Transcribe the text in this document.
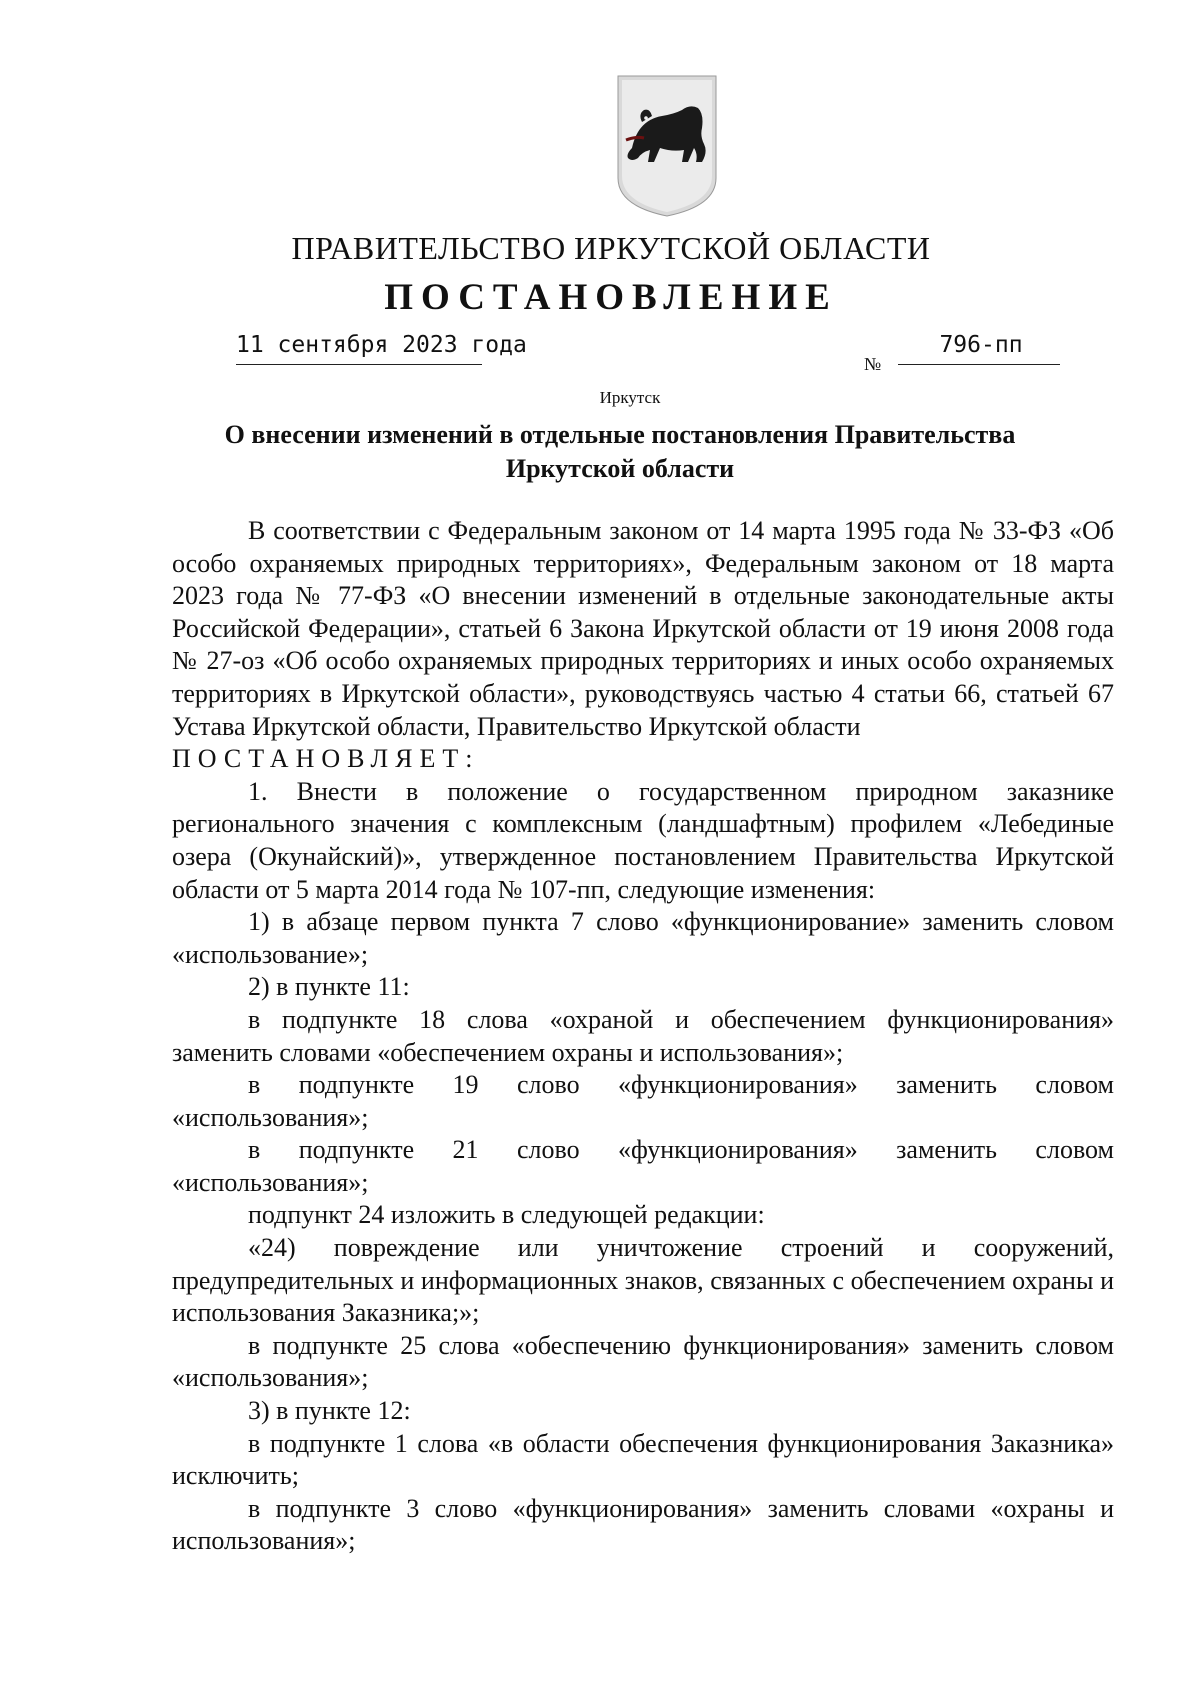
ПРАВИТЕЛЬСТВО ИРКУТСКОЙ ОБЛАСТИ
ПОСТАНОВЛЕНИЕ
11 сентября 2023 года
№
796-пп
Иркутск
О внесении изменений в отдельные постановления Правительства
Иркутской области

В соответствии с Федеральным законом от 14 марта 1995 года № 33-ФЗ «Об особо охраняемых природных территориях», Федеральным законом от 18 марта 2023 года № 77-ФЗ «О внесении изменений в отдельные законодательные акты Российской Федерации», статьей 6 Закона Иркутской области от 19 июня 2008 года № 27-оз «Об особо охраняемых природных территориях и иных особо охраняемых территориях в Иркутской области», руководствуясь частью 4 статьи 66, статьей 67 Устава Иркутской области, Правительство Иркутской области

ПОСТАНОВЛЯЕТ:

1. Внести в положение о государственном природном заказнике регионального значения с комплексным (ландшафтным) профилем «Лебединые озера (Окунайский)», утвержденное постановлением Правительства Иркутской области от 5 марта 2014 года № 107-пп, следующие изменения:

1) в абзаце первом пункта 7 слово «функционирование» заменить словом «использование»;

2) в пункте 11:

в подпункте 18 слова «охраной и обеспечением функционирования» заменить словами «обеспечением охраны и использования»;

в подпункте 19 слово «функционирования» заменить словом «использования»;

в подпункте 21 слово «функционирования» заменить словом «использования»;

подпункт 24 изложить в следующей редакции:

«24) повреждение или уничтожение строений и сооружений, предупредительных и информационных знаков, связанных с обеспечением охраны и использования Заказника;»;

в подпункте 25 слова «обеспечению функционирования» заменить словом «использования»;

3) в пункте 12:

в подпункте 1 слова «в области обеспечения функционирования Заказника» исключить;

в подпункте 3 слово «функционирования» заменить словами «охраны и использования»;
